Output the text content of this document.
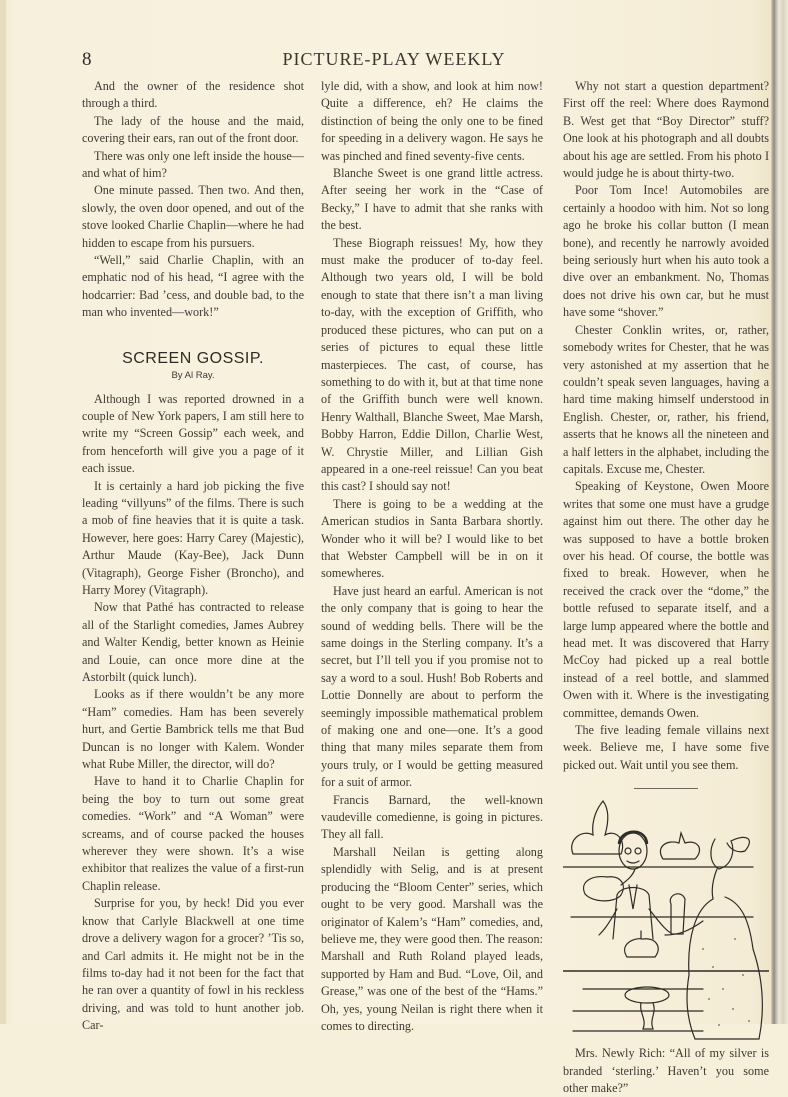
8	PICTURE-PLAY WEEKLY

And the owner of the residence shot through a third.

The lady of the house and the maid, covering their ears, ran out of the front door.

There was only one left inside the house—and what of him?

One minute passed. Then two. And then, slowly, the oven door opened, and out of the stove looked Charlie Chaplin—where he had hidden to escape from his pursuers.

“Well,” said Charlie Chaplin, with an emphatic nod of his head, “I agree with the hodcarrier: Bad ’cess, and double bad, to the man who invented—work!”

SCREEN GOSSIP.
By Al Ray.

Although I was reported drowned in a couple of New York papers, I am still here to write my “Screen Gossip” each week, and from henceforth will give you a page of it each issue.

It is certainly a hard job picking the five leading “villyuns” of the films. There is such a mob of fine heavies that it is quite a task. However, here goes: Harry Carey (Majestic), Arthur Maude (Kay-Bee), Jack Dunn (Vitagraph), George Fisher (Broncho), and Harry Morey (Vitagraph).

Now that Pathé has contracted to release all of the Starlight comedies, James Aubrey and Walter Kendig, better known as Heinie and Louie, can once more dine at the Astorbilt (quick lunch).

Looks as if there wouldn’t be any more “Ham” comedies. Ham has been severely hurt, and Gertie Bambrick tells me that Bud Duncan is no longer with Kalem. Wonder what Rube Miller, the director, will do?

Have to hand it to Charlie Chaplin for being the boy to turn out some great comedies. “Work” and “A Woman” were screams, and of course packed the houses wherever they were shown. It’s a wise exhibitor that realizes the value of a first-run Chaplin release.

Surprise for you, by heck! Did you ever know that Carlyle Blackwell at one time drove a delivery wagon for a grocer? ’Tis so, and Carl admits it. He might not be in the films to-day had it not been for the fact that he ran over a quantity of fowl in his reckless driving, and was told to hunt another job. Car-

lyle did, with a show, and look at him now! Quite a difference, eh? He claims the distinction of being the only one to be fined for speeding in a delivery wagon. He says he was pinched and fined seventy-five cents.

Blanche Sweet is one grand little actress. After seeing her work in the “Case of Becky,” I have to admit that she ranks with the best.

These Biograph reissues! My, how they must make the producer of to-day feel. Although two years old, I will be bold enough to state that there isn’t a man living to-day, with the exception of Griffith, who produced these pictures, who can put on a series of pictures to equal these little masterpieces. The cast, of course, has something to do with it, but at that time none of the Griffith bunch were well known. Henry Walthall, Blanche Sweet, Mae Marsh, Bobby Harron, Eddie Dillon, Charlie West, W. Chrystie Miller, and Lillian Gish appeared in a one-reel reissue! Can you beat this cast? I should say not!

There is going to be a wedding at the American studios in Santa Barbara shortly. Wonder who it will be? I would like to bet that Webster Campbell will be in on it somewheres.

Have just heard an earful. American is not the only company that is going to hear the sound of wedding bells. There will be the same doings in the Sterling company. It’s a secret, but I’ll tell you if you promise not to say a word to a soul. Hush! Bob Roberts and Lottie Donnelly are about to perform the seemingly impossible mathematical problem of making one and one—one. It’s a good thing that many miles separate them from yours truly, or I would be getting measured for a suit of armor.

Francis Barnard, the well-known vaudeville comedienne, is going in pictures. They all fall.

Marshall Neilan is getting along splendidly with Selig, and is at present producing the “Bloom Center” series, which ought to be very good. Marshall was the originator of Kalem’s “Ham” comedies, and, believe me, they were good then. The reason: Marshall and Ruth Roland played leads, supported by Ham and Bud. “Love, Oil, and Grease,” was one of the best of the “Hams.” Oh, yes, young Neilan is right there when it comes to directing.

Why not start a question department? First off the reel: Where does Raymond B. West get that “Boy Director” stuff? One look at his photograph and all doubts about his age are settled. From his photo I would judge he is about thirty-two.

Poor Tom Ince! Automobiles are certainly a hoodoo with him. Not so long ago he broke his collar button (I mean bone), and recently he narrowly avoided being seriously hurt when his auto took a dive over an embankment. No, Thomas does not drive his own car, but he must have some “shover.”

Chester Conklin writes, or, rather, somebody writes for Chester, that he was very astonished at my assertion that he couldn’t speak seven languages, having a hard time making himself understood in English. Chester, or, rather, his friend, asserts that he knows all the nineteen and a half letters in the alphabet, including the capitals. Excuse me, Chester.

Speaking of Keystone, Owen Moore writes that some one must have a grudge against him out there. The other day he was supposed to have a bottle broken over his head. Of course, the bottle was fixed to break. However, when he received the crack over the “dome,” the bottle refused to separate itself, and a large lump appeared where the bottle and head met. It was discovered that Harry McCoy had picked up a real bottle instead of a reel bottle, and slammed Owen with it. Where is the investigating committee, demands Owen.

The five leading female villains next week. Believe me, I have some five picked out. Wait until you see them.

Mrs. Newly Rich: “All of my silver is branded ‘sterling.’ Haven’t you some other make?”
